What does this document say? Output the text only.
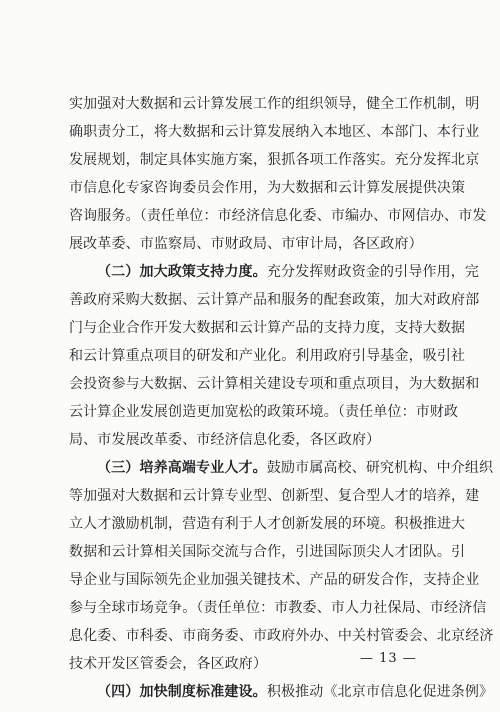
实加强对大数据和云计算发展工作的组织领导，健全工作机制，明
确职责分工，将大数据和云计算发展纳入本地区、本部门、本行业
发展规划，制定具体实施方案，狠抓各项工作落实。充分发挥北京
市信息化专家咨询委员会作用，为大数据和云计算发展提供决策
咨询服务。（责任单位：市经济信息化委、市编办、市网信办、市发
展改革委、市监察局、市财政局、市审计局，各区政府）
（二）加大政策支持力度。充分发挥财政资金的引导作用，完
善政府采购大数据、云计算产品和服务的配套政策，加大对政府部
门与企业合作开发大数据和云计算产品的支持力度，支持大数据
和云计算重点项目的研发和产业化。利用政府引导基金，吸引社
会投资参与大数据、云计算相关建设专项和重点项目，为大数据和
云计算企业发展创造更加宽松的政策环境。（责任单位：市财政
局、市发展改革委、市经济信息化委，各区政府）
（三）培养高端专业人才。鼓励市属高校、研究机构、中介组织
等加强对大数据和云计算专业型、创新型、复合型人才的培养，建
立人才激励机制，营造有利于人才创新发展的环境。积极推进大
数据和云计算相关国际交流与合作，引进国际顶尖人才团队。引
导企业与国际领先企业加强关键技术、产品的研发合作，支持企业
参与全球市场竞争。（责任单位：市教委、市人力社保局、市经济信
息化委、市科委、市商务委、市政府外办、中关村管委会、北京经济
技术开发区管委会，各区政府）
（四）加快制度标准建设。积极推动《北京市信息化促进条例》
— 13 —
